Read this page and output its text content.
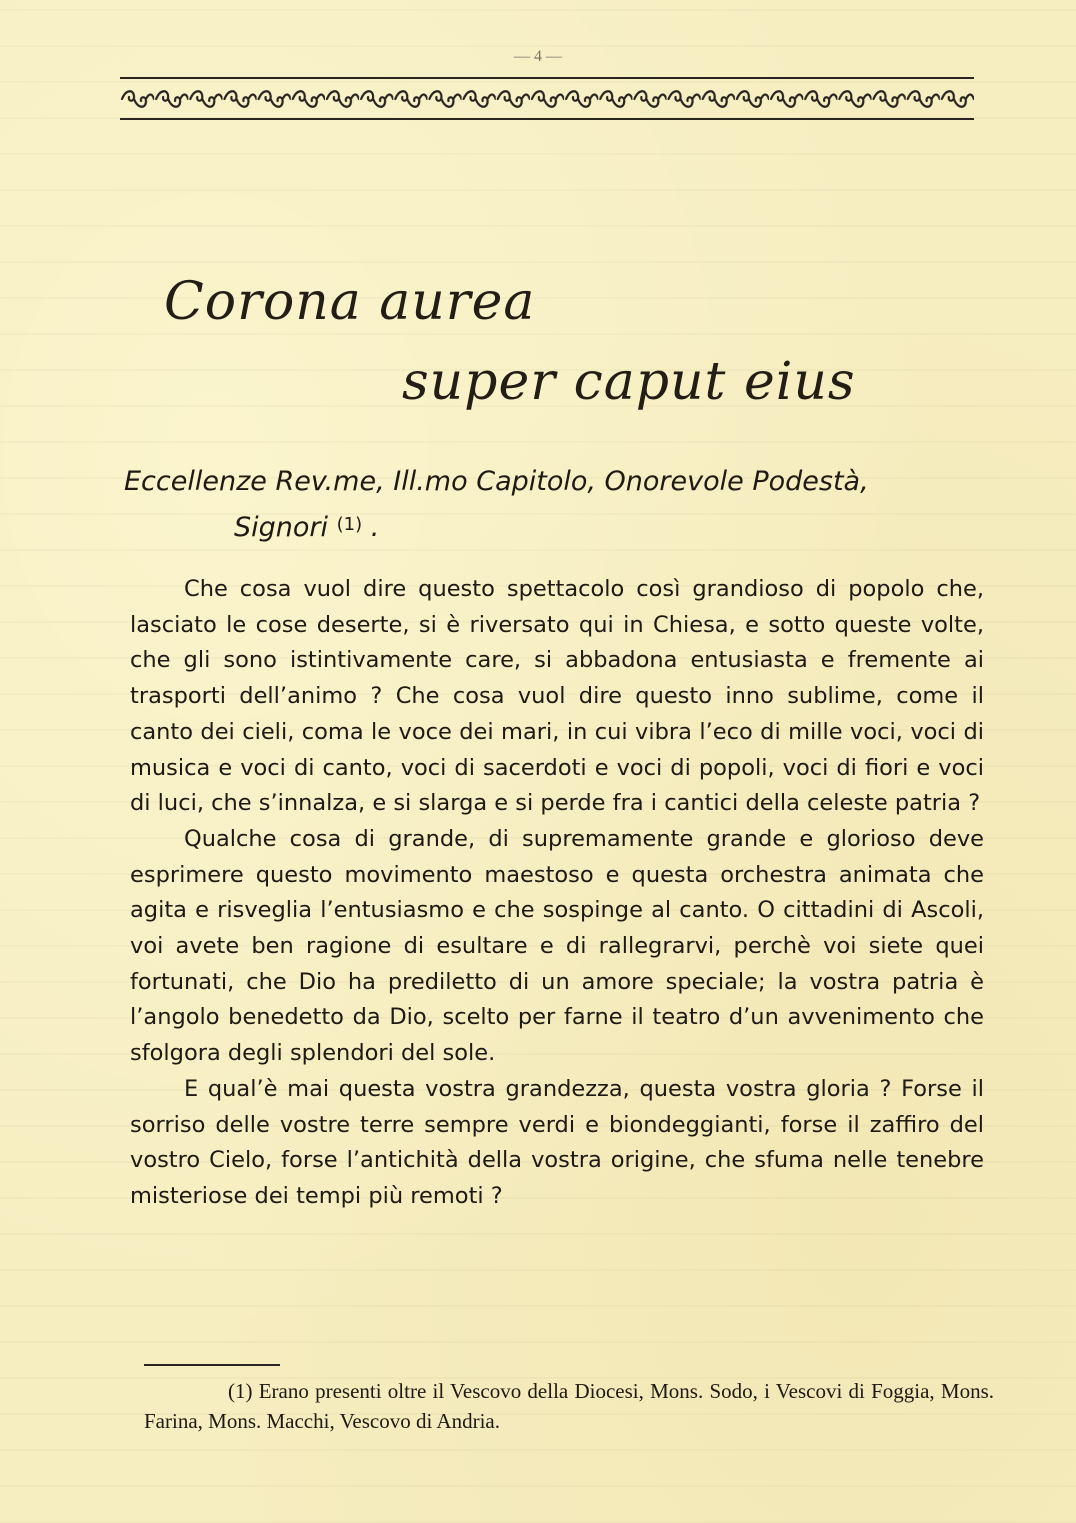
— 4 —
Corona aurea
super caput eius
Eccellenze Rev.me, Ill.mo Capitolo, Onorevole Podestà,
Signori $^{(1)}$ .

Che cosa vuol dire questo spettacolo così grandioso di popolo che, lasciato le cose deserte, si è riversato qui in Chiesa, e sotto queste volte, che gli sono istintivamente care, si abbadona entusiasta e fremente ai trasporti dell’animo ? Che cosa vuol dire questo inno sublime, come il canto dei cieli, coma le voce dei mari, in cui vibra l’eco di mille voci, voci di musica e voci di canto, voci di sacerdoti e voci di popoli, voci di fiori e voci di luci, che s’innalza, e si slarga e si perde fra i cantici della celeste patria ?

Qualche cosa di grande, di supremamente grande e glorioso deve esprimere questo movimento maestoso e questa orchestra animata che agita e risveglia l’entusiasmo e che sospinge al canto. O cittadini di Ascoli, voi avete ben ragione di esultare e di rallegrarvi, perchè voi siete quei fortunati, che Dio ha prediletto di un amore speciale; la vostra patria è l’angolo benedetto da Dio, scelto per farne il teatro d’un avvenimento che sfolgora degli splendori del sole.

E qual’è mai questa vostra grandezza, questa vostra gloria ? Forse il sorriso delle vostre terre sempre verdi e biondeggianti, forse il zaffiro del vostro Cielo, forse l’antichità della vostra origine, che sfuma nelle tenebre misteriose dei tempi più remoti ?

(1) Erano presenti oltre il Vescovo della Diocesi, Mons. Sodo, i Vescovi di Foggia, Mons. Farina, Mons. Macchi, Vescovo di Andria.
